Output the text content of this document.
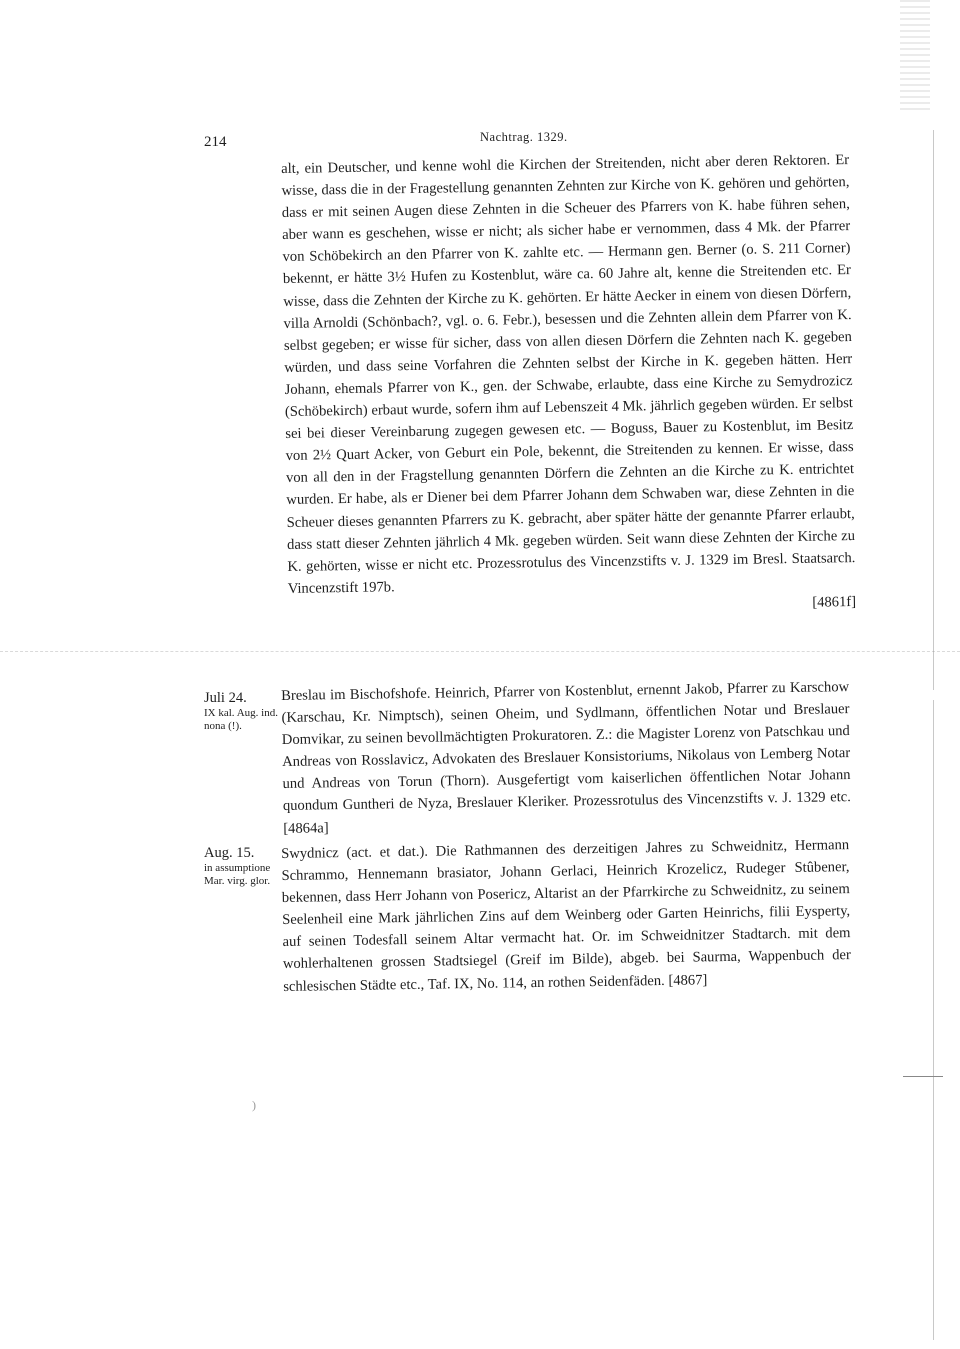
)
214	Nachtrag. 1329.
alt, ein Deutscher, und kenne wohl die Kirchen der Streitenden, nicht aber deren Rektoren. Er wisse, dass die in der Fragestellung genannten Zehnten zur Kirche von K. gehören und gehörten, dass er mit seinen Augen diese Zehnten in die Scheuer des Pfarrers von K. habe führen sehen, aber wann es geschehen, wisse er nicht; als sicher habe er vernommen, dass 4 Mk. der Pfarrer von Schöbekirch an den Pfarrer von K. zahlte etc. — Hermann gen. Berner (o. S. 211 Corner) bekennt, er hätte 3½ Hufen zu Kostenblut, wäre ca. 60 Jahre alt, kenne die Streitenden etc. Er wisse, dass die Zehnten der Kirche zu K. gehörten. Er hätte Aecker in einem von diesen Dörfern, villa Arnoldi (Schönbach?, vgl. o. 6. Febr.), besessen und die Zehnten allein dem Pfarrer von K. selbst gegeben; er wisse für sicher, dass von allen diesen Dörfern die Zehnten nach K. gegeben würden, und dass seine Vorfahren die Zehnten selbst der Kirche in K. gegeben hätten. Herr Johann, ehemals Pfarrer von K., gen. der Schwabe, erlaubte, dass eine Kirche zu Semydrozicz (Schöbekirch) erbaut wurde, sofern ihm auf Lebenszeit 4 Mk. jährlich gegeben würden. Er selbst sei bei dieser Vereinbarung zugegen gewesen etc. — Boguss, Bauer zu Kostenblut, im Besitz von 2½ Quart Acker, von Geburt ein Pole, bekennt, die Streitenden zu kennen. Er wisse, dass von all den in der Fragstellung genannten Dörfern die Zehnten an die Kirche zu K. entrichtet wurden. Er habe, als er Diener bei dem Pfarrer Johann dem Schwaben war, diese Zehnten in die Scheuer dieses genannten Pfarrers zu K. gebracht, aber später hätte der genannte Pfarrer erlaubt, dass statt dieser Zehnten jährlich 4 Mk. gegeben würden. Seit wann diese Zehnten der Kirche zu K. gehörten, wisse er nicht etc. Prozessrotulus des Vincenzstifts v. J. 1329 im Bresl. Staatsarch. Vincenzstift 197b.
[4861f]
Juli 24.
IX kal. Aug. ind. nona (!).
Breslau im Bischofshofe. Heinrich, Pfarrer von Kostenblut, ernennt Jakob, Pfarrer zu Karschow (Karschau, Kr. Nimptsch), seinen Oheim, und Sydlmann, öffentlichen Notar und Breslauer Domvikar, zu seinen bevollmächtigten Prokuratoren. Z.: die Magister Lorenz von Patschkau und Andreas von Rosslavicz, Advokaten des Breslauer Konsistoriums, Nikolaus von Lemberg Notar und Andreas von Torun (Thorn). Ausgefertigt vom kaiserlichen öffentlichen Notar Johann quondum Guntheri de Nyza, Breslauer Kleriker. Prozessrotulus des Vincenzstifts v. J. 1329 etc. [4864a]
Aug. 15.
in assumptione Mar. virg. glor.
Swydnicz (act. et dat.). Die Rathmannen des derzeitigen Jahres zu Schweidnitz, Hermann Schrammo, Hennemann brasiator, Johann Gerlaci, Heinrich Krozelicz, Rudeger Stûbener, bekennen, dass Herr Johann von Posericz, Altarist an der Pfarrkirche zu Schweidnitz, zu seinem Seelenheil eine Mark jährlichen Zins auf dem Weinberg oder Garten Heinrichs, filii Eysperty, auf seinen Todesfall seinem Altar vermacht hat. Or. im Schweidnitzer Stadtarch. mit dem wohlerhaltenen grossen Stadtsiegel (Greif im Bilde), abgeb. bei Saurma, Wappenbuch der schlesischen Städte etc., Taf. IX, No. 114, an rothen Seidenfäden. [4867]
